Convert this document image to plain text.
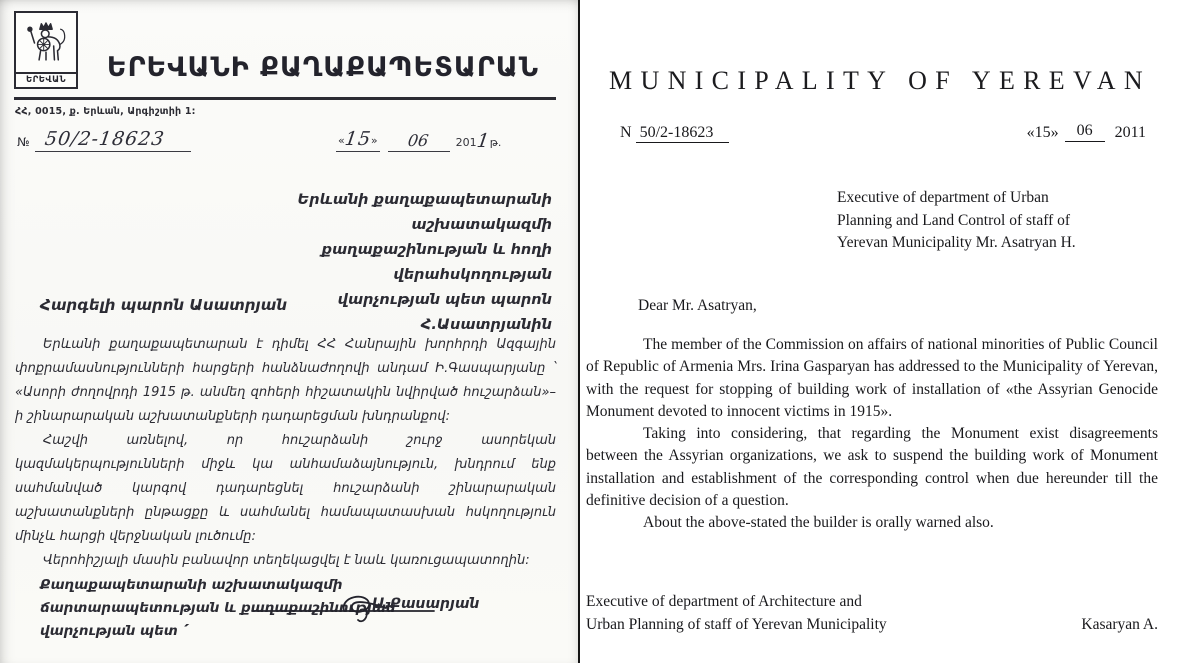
ԵՐԵՎԱՆ	ԵՐԵՎԱՆԻ ՔԱՂԱՔԱՊԵՏԱՐԱՆ
ՀՀ, 0015, ք. Երևան, Արգիշտիի 1:
№ 50/2-18623	«
15
»	06	201
1
թ.
Երևանի քաղաքապետարանի աշխատակազմի
քաղաքաշինության և հողի վերահսկողության
վարչության պետ պարոն Հ.Ասատրյանին
Հարգելի պարոն Ասատրյան

Երևանի քաղաքապետարան է դիմել ՀՀ Հանրային խորհրդի Ազգային փոքրամասնությունների հարցերի հանձնաժողովի անդամ Ի.Գասպարյանը ՝ «Ասորի ժողովրդի 1915 թ. անմեղ զոհերի հիշատակին նվիրված հուշարձան»–ի շինարարական աշխատանքների դադարեցման խնդրանքով:

Հաշվի առնելով, որ հուշարձանի շուրջ ասորեկան կազմակերպությունների միջև կա անհամաձայնություն, խնդրում ենք սահմանված կարգով դադարեցնել հուշարձանի շինարարական աշխատանքների ընթացքը և սահմանել համապատասխան հսկողություն մինչև հարցի վերջնական լուծումը:

Վերոհիշյալի մասին բանավոր տեղեկացվել է նաև կառուցապատողին:

Քաղաքապետարանի աշխատակազմի
ճարտարապետության և քաղաքաշինության
վարչության պետ ՛
Ա.Քասարյան
MUNICIPALITY OF YEREVAN
N 50/2-18623	«15»	06	2011
Executive of department of Urban
Planning and Land Control of staff of
Yerevan Municipality Mr. Asatryan H.
Dear Mr. Asatryan,

The member of the Commission on affairs of national minorities of Public Council of Republic of Armenia Mrs. Irina Gasparyan has addressed to the Municipality of Yerevan, with the request for stopping of building work of installation of «the Assyrian Genocide Monument devoted to innocent victims in 1915».

Taking into considering, that regarding the Monument exist disagreements between the Assyrian organizations, we ask to suspend the building work of Monument installation and establishment of the corresponding control when due hereunder till the definitive decision of a question.

About the above-stated the builder is orally warned also.

Executive of department of Architecture and
Urban Planning of staff of Yerevan Municipality	Kasaryan A.
